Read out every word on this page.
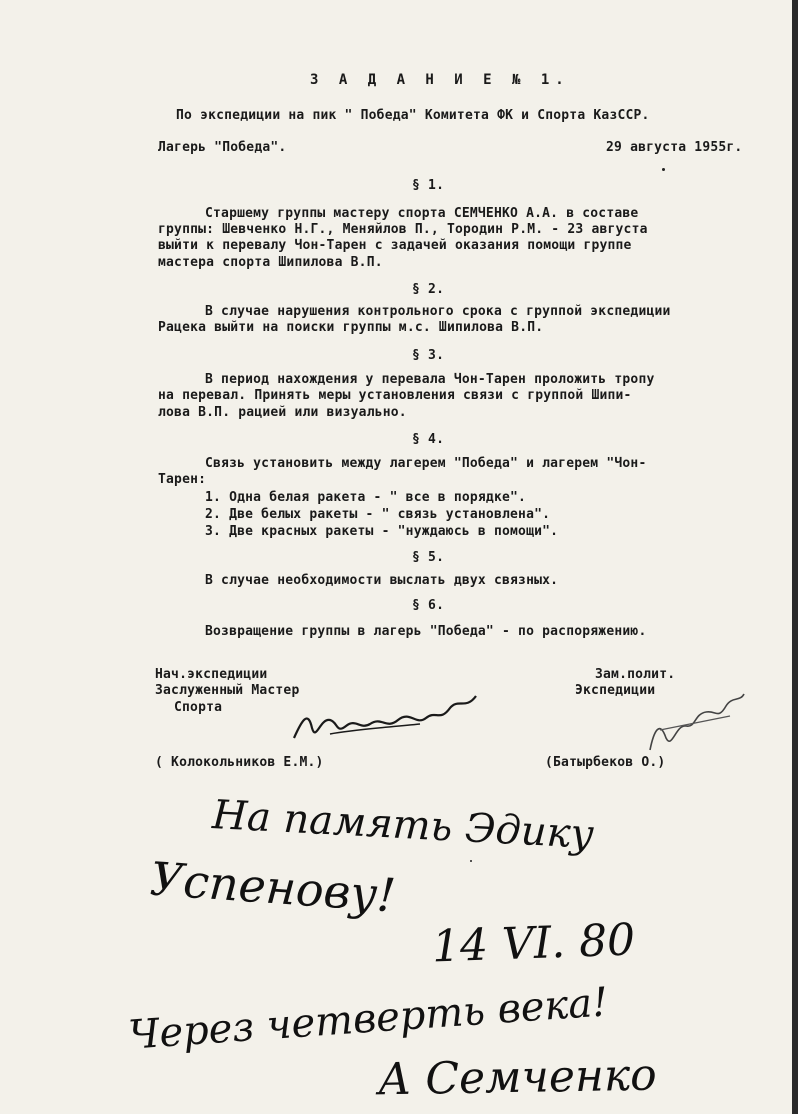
З А Д А Н И Е № 1.
По экспедиции на пик " Победа" Комитета ФК и Спорта КазССР.
Лагерь "Победа".	29 августа 1955г.
§ 1.
Старшему группы мастеру спорта СЕМЧЕНКО А.А. в составе
группы: Шевченко Н.Г., Меняйлов П., Тородин Р.М. - 23 августа
выйти к перевалу Чон-Тарен с задачей оказания помощи группе
мастера спорта Шипилова В.П.
§ 2.
В случае нарушения контрольного срока с группой экспедиции
Рацека выйти на поиски группы м.с. Шипилова В.П.
§ 3.
В период нахождения у перевала Чон-Тарен проложить тропу
на перевал. Принять меры установления связи с группой Шипи-
лова В.П. рацией или визуально.
§ 4.
Связь установить между лагерем "Победа" и лагерем "Чон-
Тарен:
1. Одна белая ракета - " все в порядке".
2. Две белых ракеты - " связь установлена".
3. Две красных ракеты - "нуждаюсь в помощи".
§ 5.
В случае необходимости выслать двух связных.
§ 6.
Возвращение группы в лагерь "Победа" - по распоряжению.
Нач.экспедиции
Заслуженный Мастер
Спорта
( Колокольников Е.М.)
Зам.полит.
Экспедиции
(Батырбеков О.)
На память Эдику
Успенову!
14 VI. 80
Через четверть века!
А Семченко
